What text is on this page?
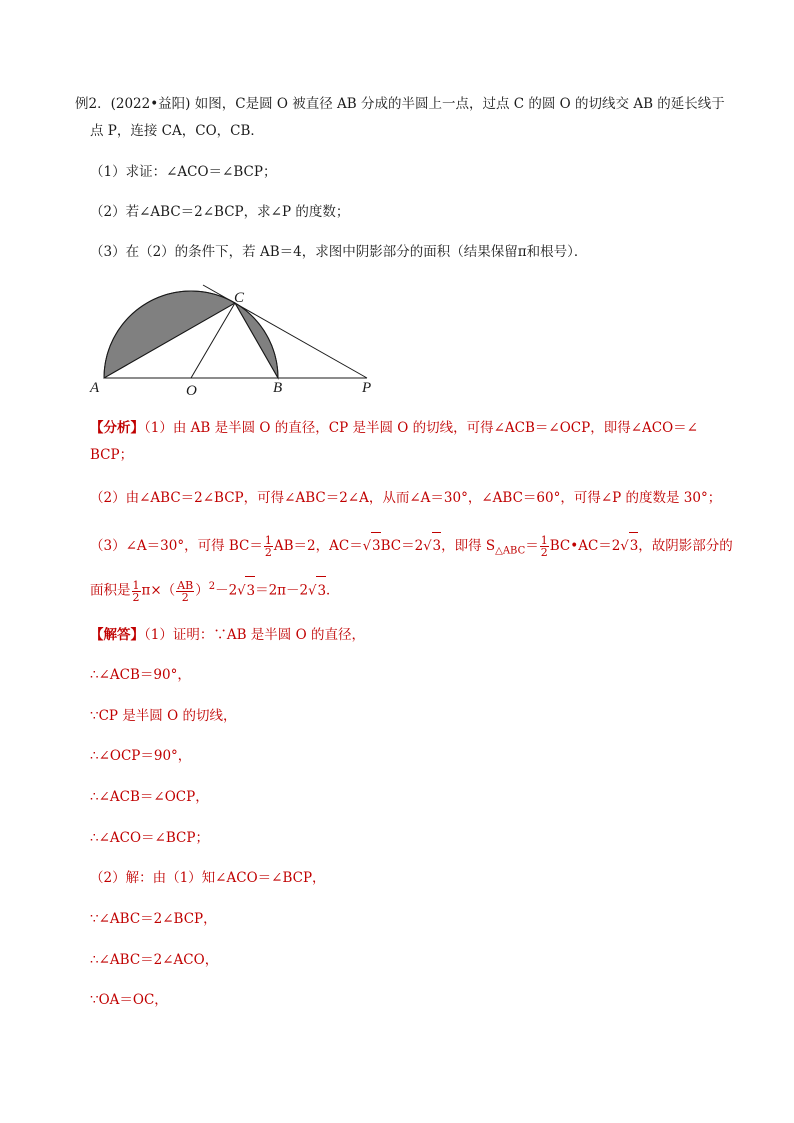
例2．(2022•益阳) 如图，C是圆 O 被直径 AB 分成的半圆上一点，过点 C 的圆 O 的切线交 AB 的延长线于
点 P，连接 CA，CO，CB．
（1）求证：∠ACO＝∠BCP；
（2）若∠ABC＝2∠BCP，求∠P 的度数；
（3）在（2）的条件下，若 AB＝4，求图中阴影部分的面积（结果保留π和根号）．
A	O	B	P
C
【分析】（1）由 AB 是半圆 O 的直径，CP 是半圆 O 的切线，可得∠ACB＝∠OCP，即得∠ACO＝∠
BCP；
（2）由∠ABC＝2∠BCP，可得∠ABC＝2∠A，从而∠A＝30°，∠ABC＝60°，可得∠P 的度数是 30°；
（3）∠A＝30°，可得 $BC= \frac{1}{2} AB=2$，AC＝√3BC＝2√3，即得 $S_{\triangle ABC}= \frac{1}{2}$ BC•AC＝2√3，故阴影部分的
面积是 $\frac{1}{2} \pi\times( \frac{AB}{2} )^2-2√3=2\pi-2√3$．
【解答】（1）证明：∵AB 是半圆 O 的直径，
∴∠ACB＝90°，
∵CP 是半圆 O 的切线，
∴∠OCP＝90°，
∴∠ACB＝∠OCP，
∴∠ACO＝∠BCP；
（2）解：由（1）知∠ACO＝∠BCP，
∵∠ABC＝2∠BCP，
∴∠ABC＝2∠ACO，
∵OA＝OC，
